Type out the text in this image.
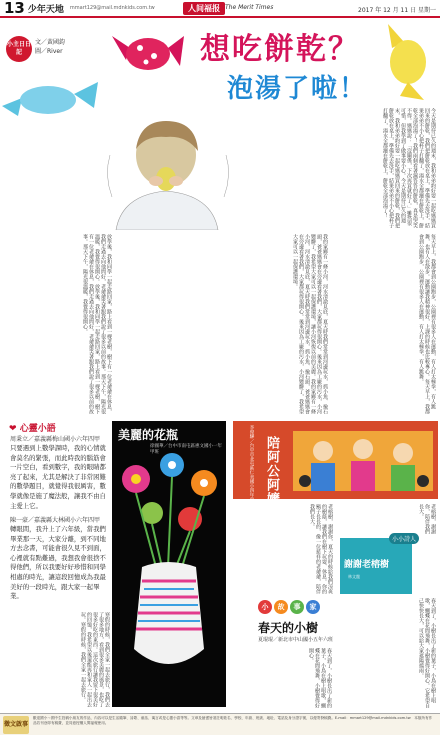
13 少年天地 mmart129@mail.mdnkids.com.tw	人间福报 The Merit Times	2017 年 12 月 11 日 星期一
小主日日記
文／黃國鈞　圖／River	想吃餅乾？
泡湯了啦！
今天是期待已久的週末，我和弟弟約好要一起吃媽媽買回來的餅乾，我們把餅乾放在桌上，準備先去洗手，結果弟弟不小心把杯子打翻了，湯水全都灑在餅乾上，餅乾全部泡湯了！我們兩個看著濕答答的餅乾，真是哭笑不得。媽媽說：「沒關係，下次再買就好了。」雖然很可惜，但我學到了做事要小心。今天是期待已久的週末，我和弟弟約好要一起吃媽媽買回來的餅乾，我們把餅乾放在桌上，準備先去洗手，結果弟弟不小心把杯子打翻了，湯水全都灑在餅乾上，餅乾全部泡湯了！
放學後，我和同學一起走路回家，路上看到一棵老樹，樹下有一位老爺爺在休息，我們走過去向他問好，老爺爺笑著跟我們說了很多以前的故事。那天下午，陽光很溫暖，我覺得很開心。放學後，我和同學一起走路回家，路上看到一棵老樹，樹下有一位老爺爺在休息，我們走過去向他問好，老爺爺笑著跟我們說了很多以前的故事。那天下午，陽光很溫暖，我覺得很開心。	我的家鄉有一條小河，河水清澈見底，夏天時我們常常到河邊玩水，抓小魚、撿石頭，爸爸媽媽會在旁邊看著我們，大家都玩得很開心。後來因為工廠的污水，小河變髒了，我希望大家可以一起保護環境，讓小河恢復以前的美麗。我的家鄉有一條小河，河水清澈見底，夏天時我們常常到河邊玩水，抓小魚、撿石頭，爸爸媽媽會在旁邊看著我們，大家都玩得很開心。後來因為工廠的污水，小河變髒了，我希望大家可以一起保護環境。	每天早上，我都會到公園跑步，公園裡有很多人在運動，有人打太極拳，有人跳舞，也有人在散步。運動讓我精神很好，上課的時候也比較專心。每天早上，我都會到公園跑步，公園裡有很多人在運動，有人打太極拳，有人跳舞。
❤ 心靈小語
周秉立／嘉義縣梅山國小六年四甲
只要遇到上數學課時，我的心情就會莫名的緊張，而此時我的腦筋會一片空白，看到數字，我的眼睛都亮了起來，尤其是解決了非常困難的數學題目，就覺得我很厲害，數學就像是施了魔法般，讓我不由自主愛上它。
陳一豪／嘉義縣大林國小六年四甲
轉眼間，我升上了六年級，當我們畢業那一天，大家分離，到不同地方去念書，可能會很久見不到面，心裡就有點難過，我想我會很捨不得他們，所以我要好好珍惜和同學相處的時光，讓這段回憶成為我最美好的一段時光，跟大家一起畢業。
寒假的時候，我們全家一起去旅行，我們去了很多地方，看到很多美麗的風景，也吃了很多好吃的東西。這次旅行讓我留下很美好的回憶，我希望以後還能再和家人一起出去玩。寒假的時候，我們全家一起去旅行。
美麗的花瓶
徐國華／台中市南屯區惠文國小一年甲班	李俊驊／台中市北屯區仁美國小四年忠班 陪阿公阿嬤去買菜
老榕樹，謝謝你，夏天的時候給我們涼爽的樹蔭，讓我們在樹下玩耍、休息。你的鬍子長長的，像一位慈祥的老爺爺，陪伴我們長大。	老榕樹，謝謝你，陪伴我們長大。
小小詩人
謝謝老榕樹
林文龍
小	故	事	家
春天的小樹
夏琨琨／新北市中山國小五年六班
春天到了，小樹長出了新的葉子，小鳥在樹上唱歌，蝴蝶在花間飛舞，小樹覺得好開心。	春天到了，小樹長出了新的葉子，小鳥在樹上唱歌，蝴蝶在花間飛舞，小樹覺得好開心。它希望自己快快長大，可以給大家遮陽擋雨。
徵文啟事
歡迎國小～國中生投稿小朋友的作品，內容可以是生活隨筆、詩歌、童話、寓言或是心靈小語等等。文章及繪畫皆須註明姓名、學校、年級、班級、地址、電話及身分證字號，以便寄發稿費。E-mail：mmart129@mail.mdnkids.com.tw　本版所有作品若刊登即有稿費，並同意授權人間福報使用。
